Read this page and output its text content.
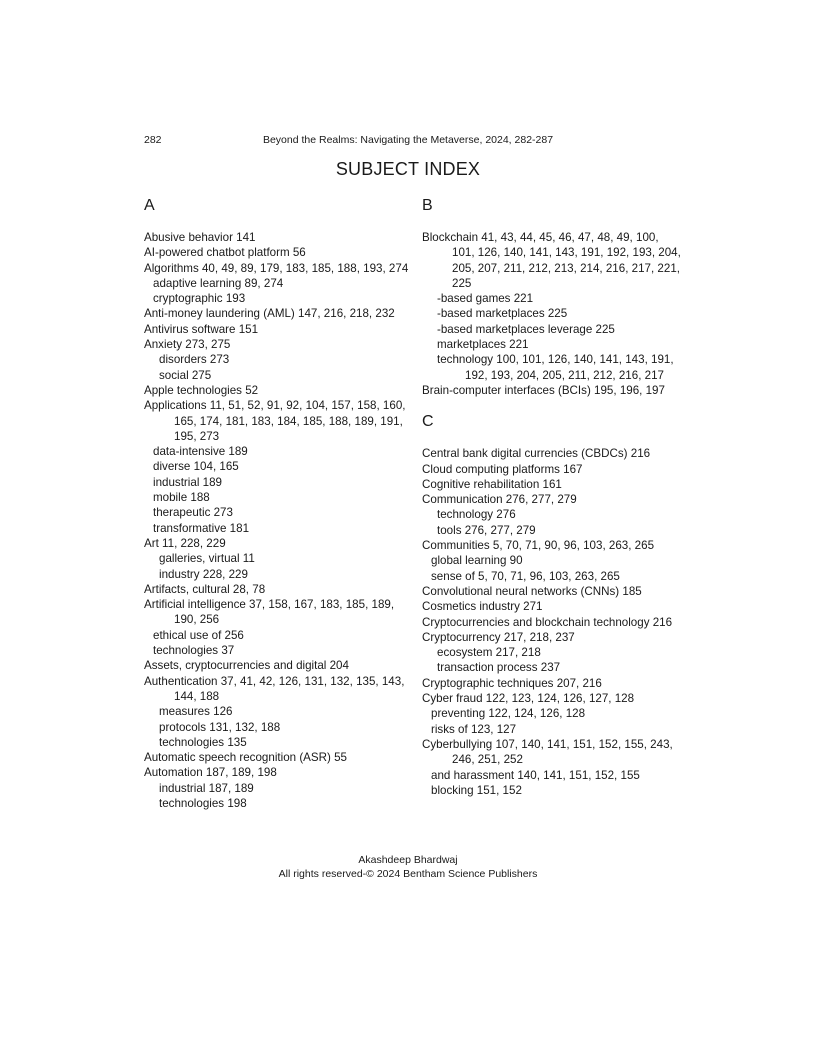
282	Beyond the Realms: Navigating the Metaverse, 2024, 282-287
SUBJECT INDEX
A
Abusive behavior 141
AI-powered chatbot platform 56
Algorithms 40, 49, 89, 179, 183, 185, 188, 193, 274
adaptive learning 89, 274
cryptographic 193
Anti-money laundering (AML) 147, 216, 218, 232
Antivirus software 151
Anxiety 273, 275
disorders 273
social 275
Apple technologies 52
Applications 11, 51, 52, 91, 92, 104, 157, 158, 160, 165, 174, 181, 183, 184, 185, 188, 189, 191, 195, 273
data-intensive 189
diverse 104, 165
industrial 189
mobile 188
therapeutic 273
transformative 181
Art 11, 228, 229
galleries, virtual 11
industry 228, 229
Artifacts, cultural 28, 78
Artificial intelligence 37, 158, 167, 183, 185, 189, 190, 256
ethical use of 256
technologies 37
Assets, cryptocurrencies and digital 204
Authentication 37, 41, 42, 126, 131, 132, 135, 143, 144, 188
measures 126
protocols 131, 132, 188
technologies 135
Automatic speech recognition (ASR) 55
Automation 187, 189, 198
industrial 187, 189
technologies 198
B
Blockchain 41, 43, 44, 45, 46, 47, 48, 49, 100, 101, 126, 140, 141, 143, 191, 192, 193, 204, 205, 207, 211, 212, 213, 214, 216, 217, 221, 225
-based games 221
-based marketplaces 225
-based marketplaces leverage 225
marketplaces 221
technology 100, 101, 126, 140, 141, 143, 191, 192, 193, 204, 205, 211, 212, 216, 217
Brain-computer interfaces (BCIs) 195, 196, 197
C
Central bank digital currencies (CBDCs) 216
Cloud computing platforms 167
Cognitive rehabilitation 161
Communication 276, 277, 279
technology 276
tools 276, 277, 279
Communities 5, 70, 71, 90, 96, 103, 263, 265
global learning 90
sense of 5, 70, 71, 96, 103, 263, 265
Convolutional neural networks (CNNs) 185
Cosmetics industry 271
Cryptocurrencies and blockchain technology 216
Cryptocurrency 217, 218, 237
ecosystem 217, 218
transaction process 237
Cryptographic techniques 207, 216
Cyber fraud 122, 123, 124, 126, 127, 128
preventing 122, 124, 126, 128
risks of 123, 127
Cyberbullying 107, 140, 141, 151, 152, 155, 243, 246, 251, 252
and harassment 140, 141, 151, 152, 155
blocking 151, 152
Akashdeep Bhardwaj
All rights reserved-© 2024 Bentham Science Publishers
